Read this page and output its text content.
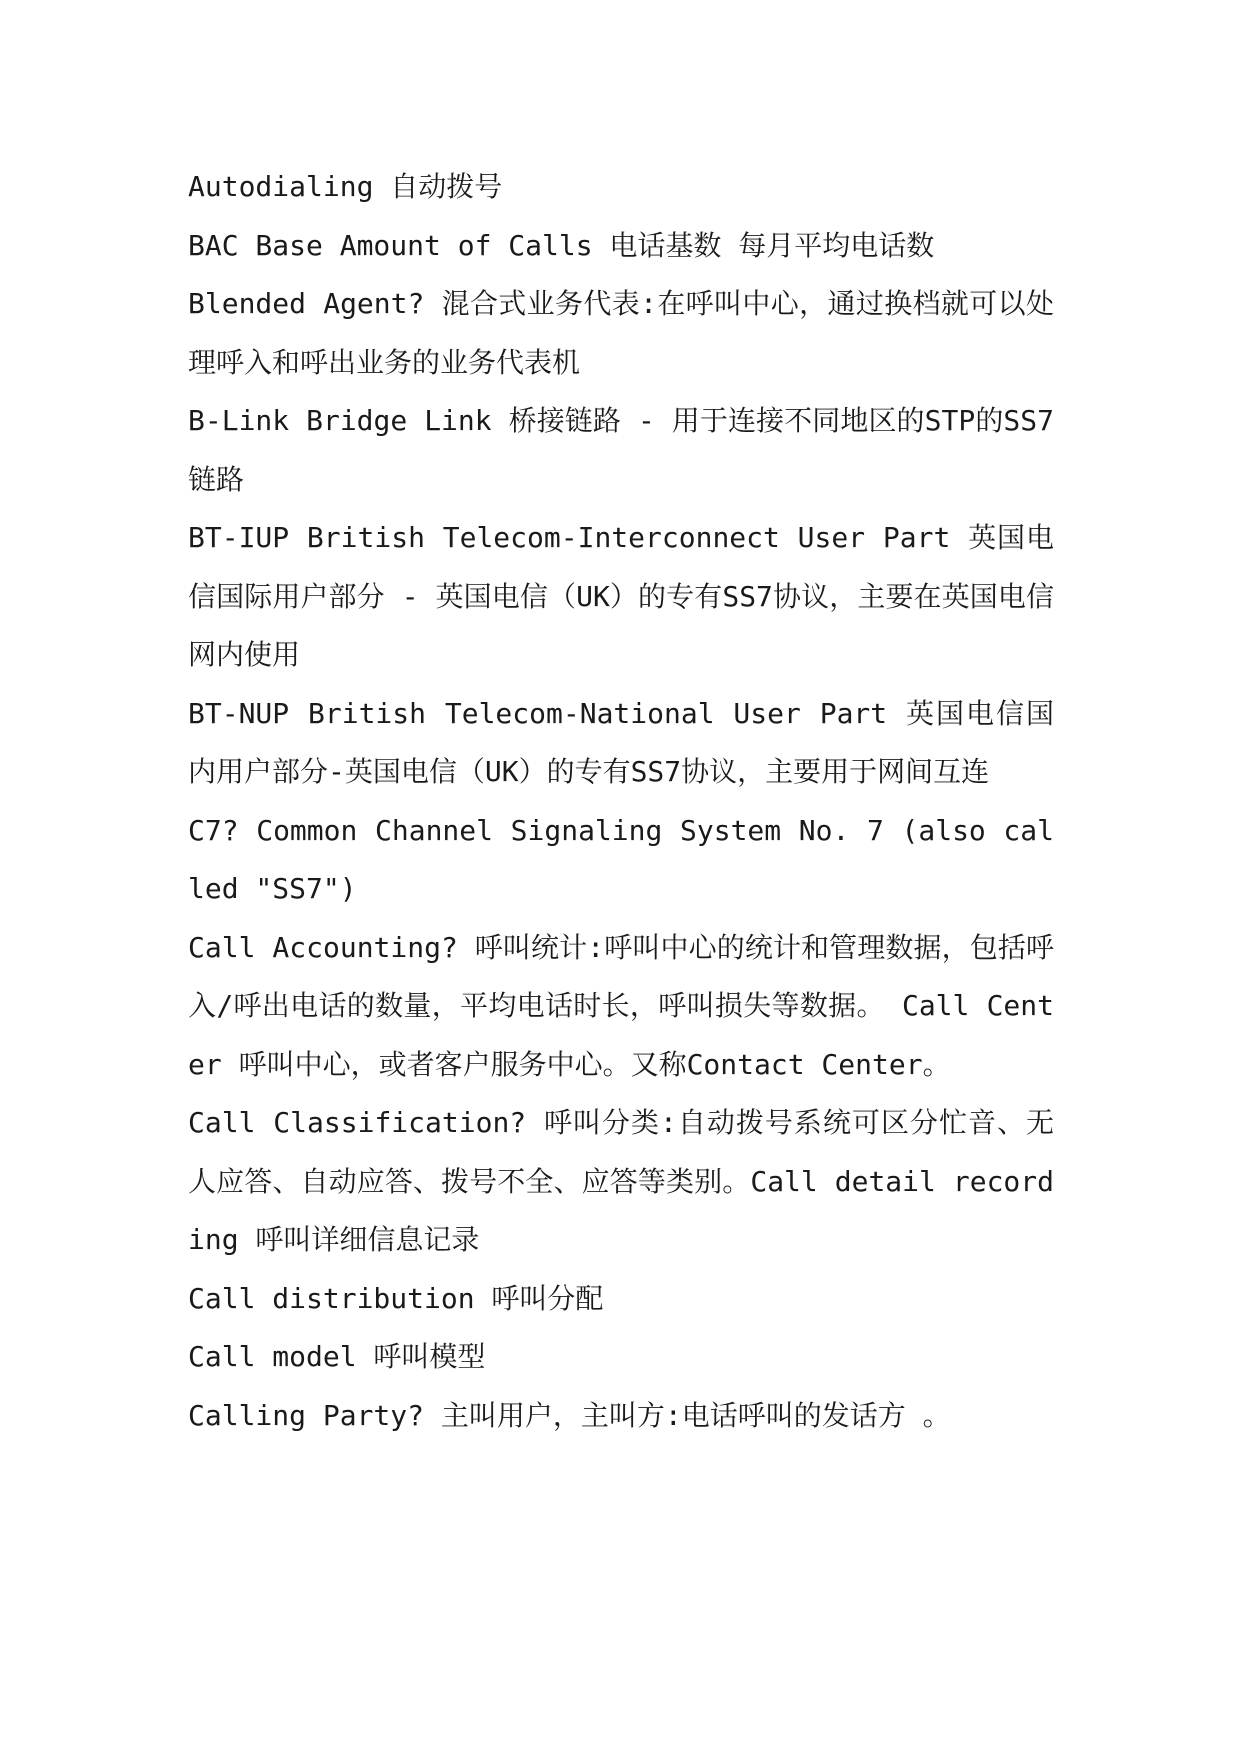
Autodialing 自动拨号

BAC Base Amount of Calls 电话基数 每月平均电话数

Blended Agent? 混合式业务代表:在呼叫中心，通过换档就可以处理呼入和呼出业务的业务代表机

B-Link Bridge Link 桥接链路 - 用于连接不同地区的STP的SS7链路

BT-IUP British Telecom-Interconnect User Part 英国电信国际用户部分 - 英国电信（UK）的专有SS7协议，主要在英国电信网内使用

BT-NUP British Telecom-National User Part 英国电信国内用户部分-英国电信（UK）的专有SS7协议，主要用于网间互连

C7? Common Channel Signaling System No. 7 (also called "SS7")

Call Accounting? 呼叫统计:呼叫中心的统计和管理数据，包括呼入/呼出电话的数量，平均电话时长，呼叫损失等数据。 Call Center 呼叫中心，或者客户服务中心。又称Contact Center。

Call Classification? 呼叫分类:自动拨号系统可区分忙音、无人应答、自动应答、拨号不全、应答等类别。Call detail recording 呼叫详细信息记录

Call distribution 呼叫分配

Call model 呼叫模型

Calling Party? 主叫用户，主叫方:电话呼叫的发话方 。
